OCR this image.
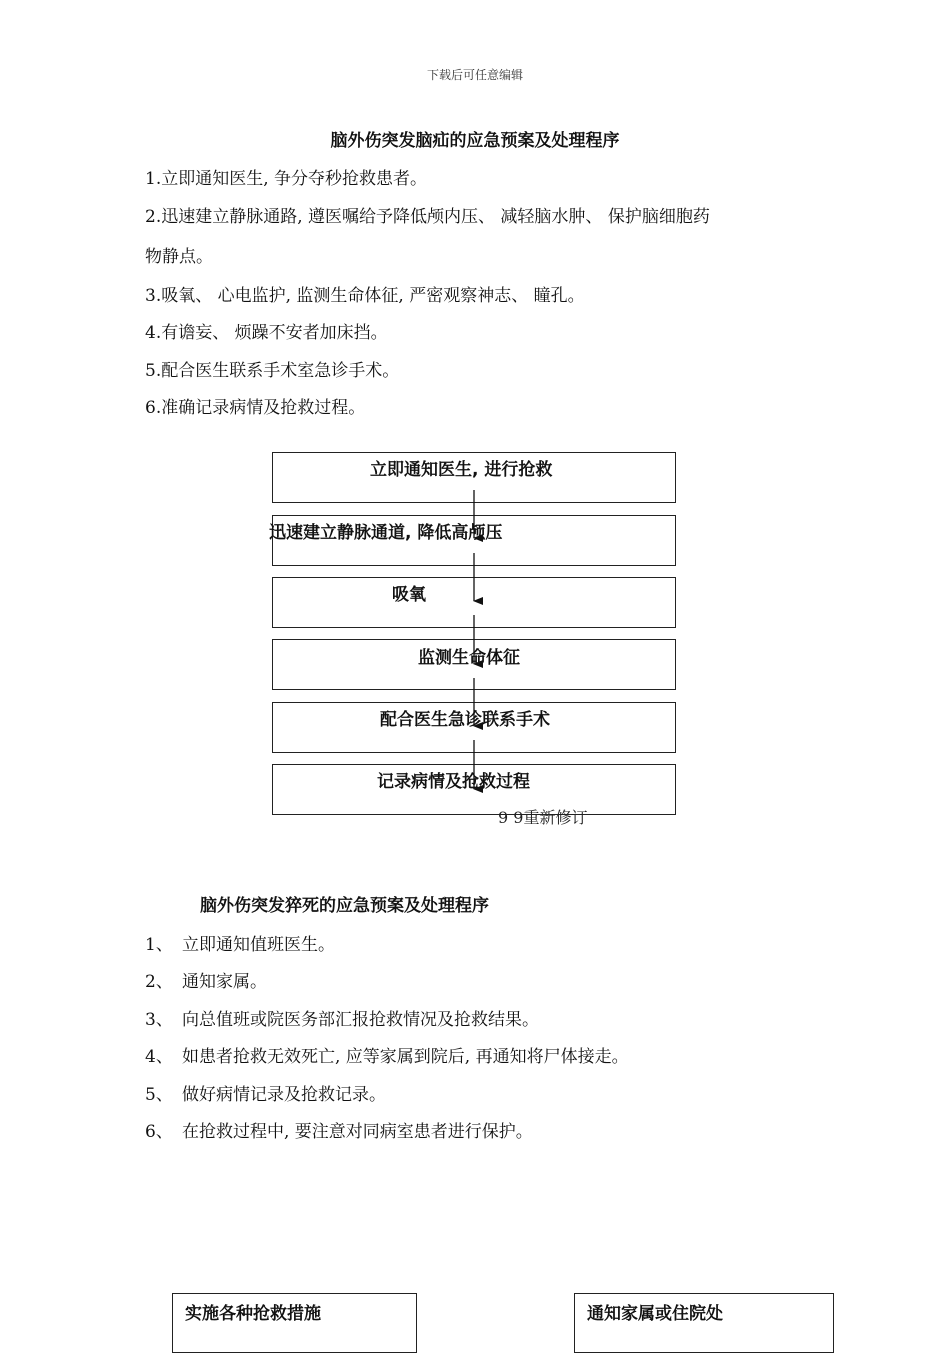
下载后可任意编辑
脑外伤突发脑疝的应急预案及处理程序
1.立即通知医生, 争分夺秒抢救患者。
2.迅速建立静脉通路, 遵医嘱给予降低颅内压、 减轻脑水肿、 保护脑细胞药
物静点。
3.吸氧、 心电监护, 监测生命体征, 严密观察神志、 瞳孔。
4.有谵妄、 烦躁不安者加床挡。
5.配合医生联系手术室急诊手术。
6.准确记录病情及抢救过程。
立即通知医生, 进行抢救
迅速建立静脉通道, 降低高颅压
吸氧
监测生命体征
配合医生急诊联系手术
记录病情及抢救过程
9 9重新修订
脑外伤突发猝死的应急预案及处理程序
1、 立即通知值班医生。
2、 通知家属。
3、 向总值班或院医务部汇报抢救情况及抢救结果。
4、 如患者抢救无效死亡, 应等家属到院后, 再通知将尸体接走。
5、 做好病情记录及抢救记录。
6、 在抢救过程中, 要注意对同病室患者进行保护。
实施各种抢救措施	通知家属或住院处
